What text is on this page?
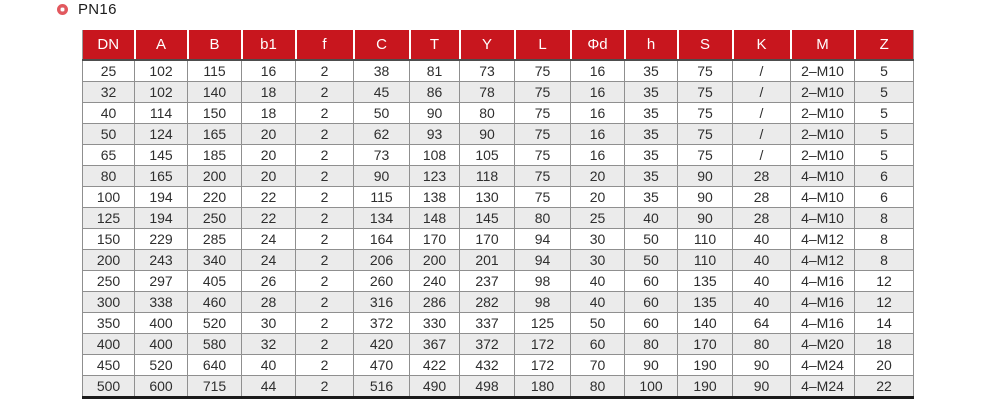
PN16
DN	A	B	b1	f	C	T	Y	L	Φd	h	S	K	M	Z
25	102	115	16	2	38	81	73	75	16	35	75	/	2–M10	5
32	102	140	18	2	45	86	78	75	16	35	75	/	2–M10	5
40	114	150	18	2	50	90	80	75	16	35	75	/	2–M10	5
50	124	165	20	2	62	93	90	75	16	35	75	/	2–M10	5
65	145	185	20	2	73	108	105	75	16	35	75	/	2–M10	5
80	165	200	20	2	90	123	118	75	20	35	90	28	4–M10	6
100	194	220	22	2	115	138	130	75	20	35	90	28	4–M10	6
125	194	250	22	2	134	148	145	80	25	40	90	28	4–M10	8
150	229	285	24	2	164	170	170	94	30	50	110	40	4–M12	8
200	243	340	24	2	206	200	201	94	30	50	110	40	4–M12	8
250	297	405	26	2	260	240	237	98	40	60	135	40	4–M16	12
300	338	460	28	2	316	286	282	98	40	60	135	40	4–M16	12
350	400	520	30	2	372	330	337	125	50	60	140	64	4–M16	14
400	400	580	32	2	420	367	372	172	60	80	170	80	4–M20	18
450	520	640	40	2	470	422	432	172	70	90	190	90	4–M24	20
500	600	715	44	2	516	490	498	180	80	100	190	90	4–M24	22
